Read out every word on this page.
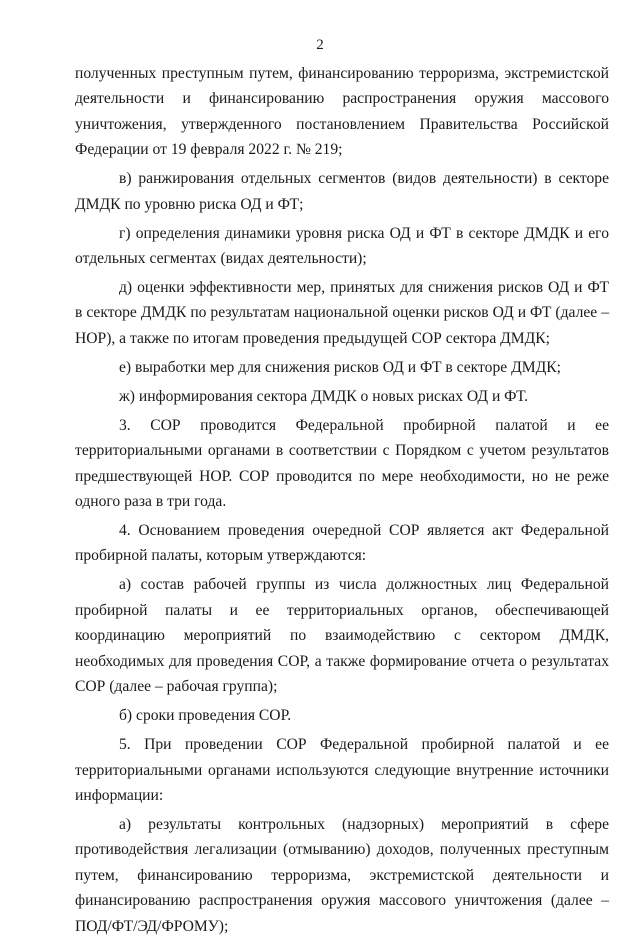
2

полученных преступным путем, финансированию терроризма, экстремистской деятельности и финансированию распространения оружия массового уничтожения, утвержденного постановлением Правительства Российской Федерации от 19 февраля 2022 г. № 219;

в) ранжирования отдельных сегментов (видов деятельности) в секторе ДМДК по уровню риска ОД и ФТ;

г) определения динамики уровня риска ОД и ФТ в секторе ДМДК и его отдельных сегментах (видах деятельности);

д) оценки эффективности мер, принятых для снижения рисков ОД и ФТ в секторе ДМДК по результатам национальной оценки рисков ОД и ФТ (далее – НОР), а также по итогам проведения предыдущей СОР сектора ДМДК;

е) выработки мер для снижения рисков ОД и ФТ в секторе ДМДК;

ж) информирования сектора ДМДК о новых рисках ОД и ФТ.

3. СОР проводится Федеральной пробирной палатой и ее территориальными органами в соответствии с Порядком с учетом результатов предшествующей НОР. СОР проводится по мере необходимости, но не реже одного раза в три года.

4. Основанием проведения очередной СОР является акт Федеральной пробирной палаты, которым утверждаются:

а) состав рабочей группы из числа должностных лиц Федеральной пробирной палаты и ее территориальных органов, обеспечивающей координацию мероприятий по взаимодействию с сектором ДМДК, необходимых для проведения СОР, а также формирование отчета о результатах СОР (далее – рабочая группа);

б) сроки проведения СОР.

5. При проведении СОР Федеральной пробирной палатой и ее территориальными органами используются следующие внутренние источники информации:

а) результаты контрольных (надзорных) мероприятий в сфере противодействия легализации (отмыванию) доходов, полученных преступным путем, финансированию терроризма, экстремистской деятельности и финансированию распространения оружия массового уничтожения (далее – ПОД/ФТ/ЭД/ФРОМУ);
